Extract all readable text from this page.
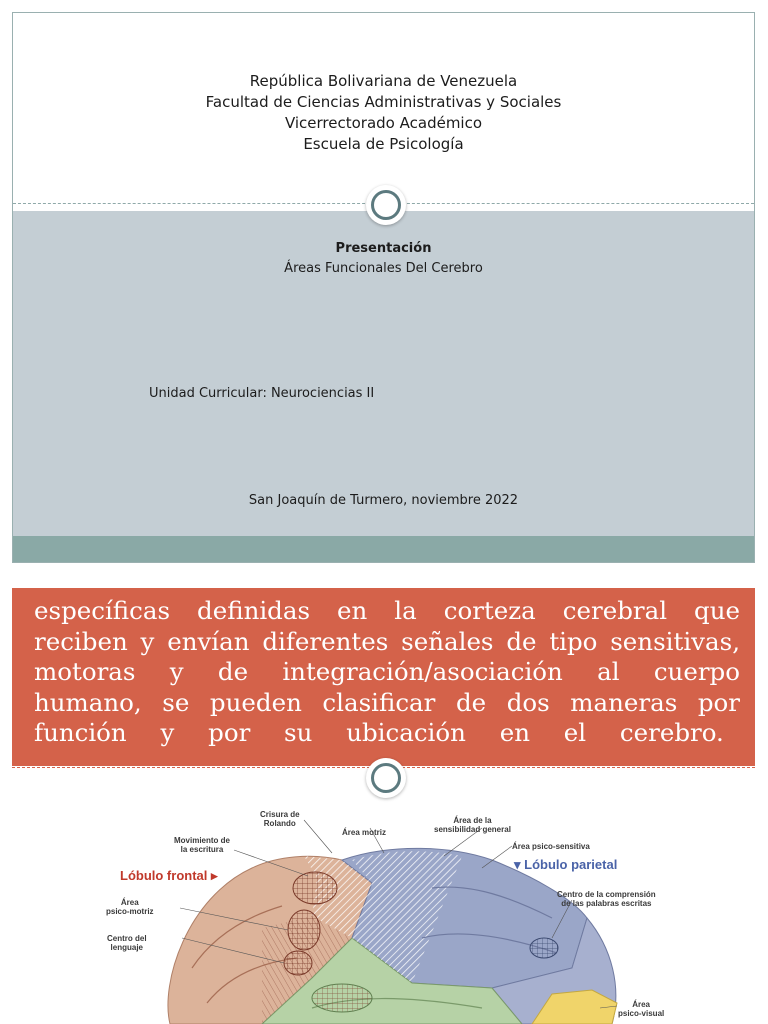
República Bolivariana de Venezuela
Facultad de Ciencias Administrativas y Sociales
Vicerrectorado Académico
Escuela de Psicología
Presentación
Áreas Funcionales Del Cerebro
Unidad Curricular: Neurociencias II
San Joaquín de Turmero, noviembre 2022
específicas definidas en la corteza cerebral que
reciben y envían diferentes señales de tipo sensitivas,
motoras y de integración/asociación al cuerpo
humano, se pueden clasificar de dos maneras por
función y por su ubicación en el cerebro.
Crisura de
Rolando
Área motriz
Área de la
sensibilidad general
Área psico-sensitiva
Movimiento de
la escritura
Lóbulo frontal ▸
▾ Lóbulo parietal
Área
psico-motriz
Centro de la comprensión
de las palabras escritas
Centro del
lenguaje
Área
psico-visual
